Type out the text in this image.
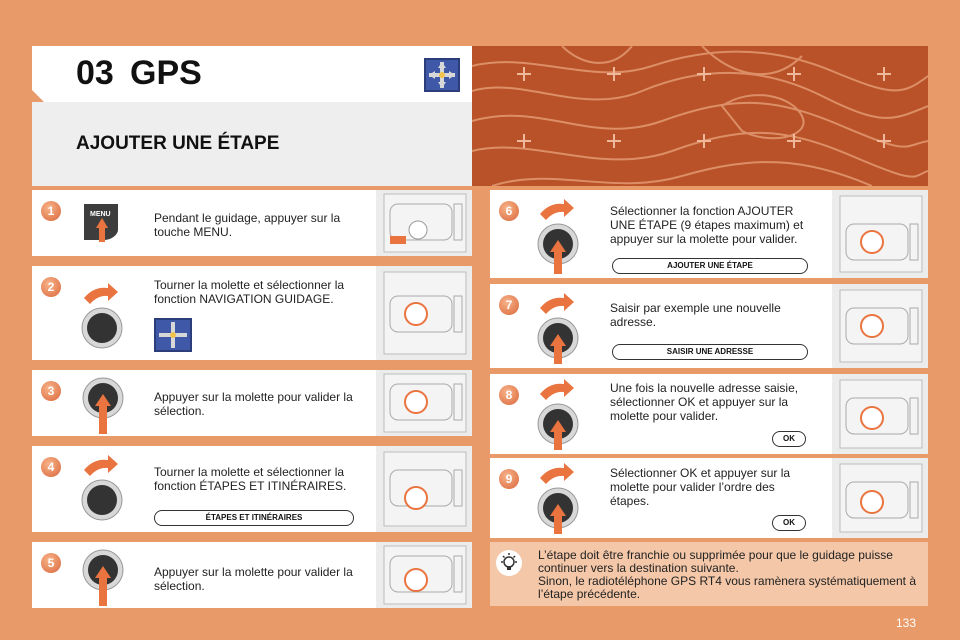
03 GPS
AJOUTER UNE ÉTAPE
1	MENU	Pendant le guidage, appuyer sur la touche MENU.
2	Tourner la molette et sélectionner la fonction NAVIGATION GUIDAGE.
3	Appuyer sur la molette pour valider la sélection.
4	Tourner la molette et sélectionner la fonction ÉTAPES ET ITINÉRAIRES.
ÉTAPES ET ITINÉRAIRES
5
Appuyer sur la molette pour valider la sélection.
6	Sélectionner la fonction AJOUTER UNE ÉTAPE (9 étapes maximum) et appuyer sur la molette pour valider.
AJOUTER UNE ÉTAPE
7	Saisir par exemple une nouvelle adresse.
SAISIR UNE ADRESSE
8	Une fois la nouvelle adresse saisie, sélectionner OK et appuyer sur la molette pour valider.
OK
9	Sélectionner OK et appuyer sur la molette pour valider l’ordre des étapes.
OK
L’étape doit être franchie ou supprimée pour que le guidage puisse continuer vers la destination suivante.
Sinon, le radiotéléphone GPS RT4 vous ramènera systématiquement à l’étape précédente.
133
